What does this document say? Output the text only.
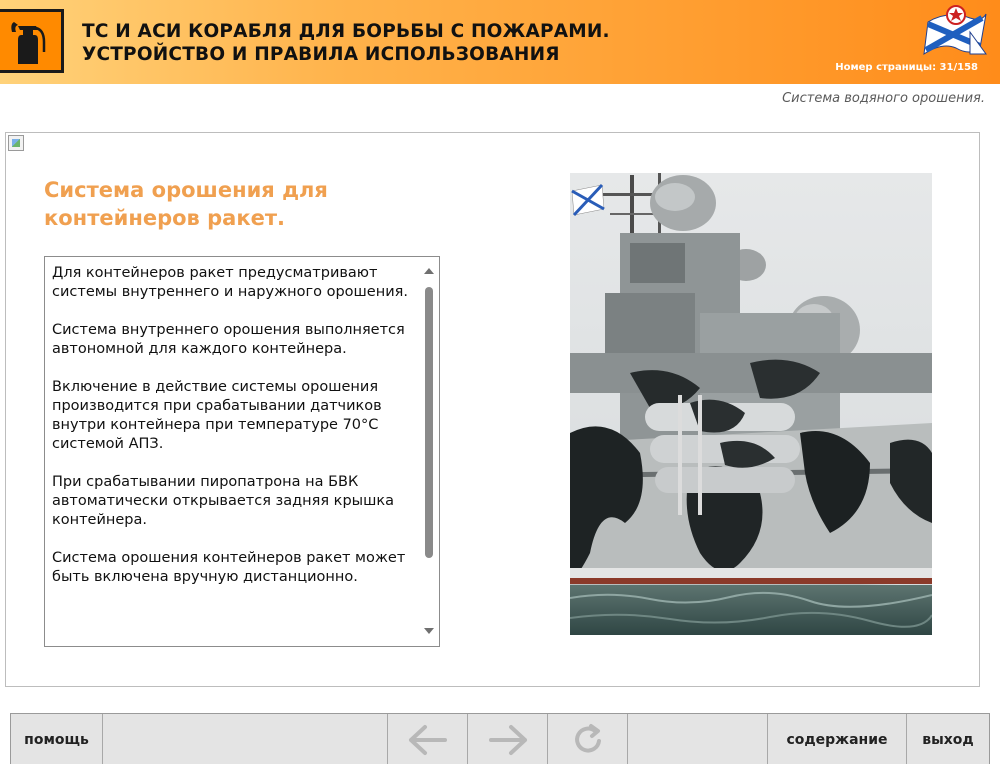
ТС И АСИ КОРАБЛЯ ДЛЯ БОРЬБЫ С ПОЖАРАМИ.
УСТРОЙСТВО И ПРАВИЛА ИСПОЛЬЗОВАНИЯ
Номер страницы: 31/158
Система водяного орошения.
Система орошения для
контейнеров ракет.

Для контейнеров ракет предусматривают системы внутреннего и наружного орошения.

Система внутреннего орошения выполняется автономной для каждого контейнера.

Включение в действие системы орошения производится при срабатывании датчиков внутри контейнера при температуре 70°С системой АПЗ.

При срабатывании пиропатрона на БВК автоматически открывается задняя крышка контейнера.

Система орошения контейнеров ракет может быть включена вручную дистанционно.

помощь	содержание	выход
